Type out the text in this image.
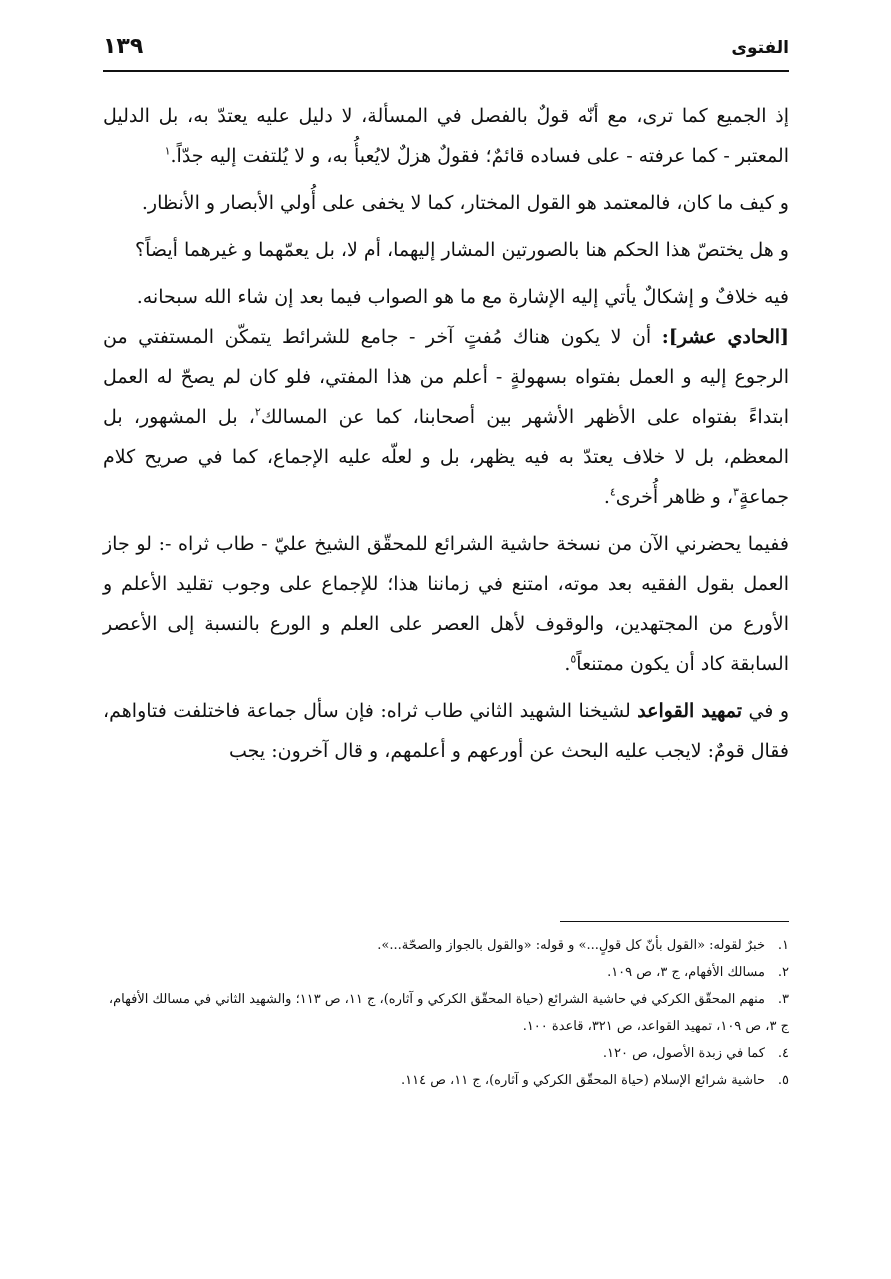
١٣٩	الفتوى

إذ الجميع كما ترى، مع أنّه قولٌ بالفصل في المسألة، لا دليل عليه يعتدّ به، بل الدليل المعتبر - كما عرفته - على فساده قائمٌ؛ فقولٌ هزلٌ لايُعبأُ به، و لا يُلتفت إليه جدّاً.$^١$

و كيف ما كان، فالمعتمد هو القول المختار، كما لا يخفى على أُولي الأبصار و الأنظار.

و هل يختصّ هذا الحكم هنا بالصورتين المشار إليهما، أم لا، بل يعمّهما و غيرهما أيضاً؟

فيه خلافٌ و إشكالٌ يأتي إليه الإشارة مع ما هو الصواب فيما بعد إن شاء الله سبحانه.
[الحادي عشر]: أن لا يكون هناك مُفتٍ آخر - جامع للشرائط يتمكّن المستفتي من الرجوع إليه و العمل بفتواه بسهولةٍ - أعلم من هذا المفتي، فلو كان لم يصحّ له العمل ابتداءً بفتواه على الأظهر الأشهر بين أصحابنا، كما عن المسالك$^٢$، بل المشهور، بل المعظم، بل لا خلاف يعتدّ به فيه يظهر، بل و لعلّه عليه الإجماع، كما في صريح كلام جماعةٍ$^٣$، و ظاهر أُخرى$^٤$.

ففيما يحضرني الآن من نسخة حاشية الشرائع للمحقّق الشيخ عليّ - طاب ثراه -: لو جاز العمل بقول الفقيه بعد موته، امتنع في زماننا هذا؛ للإجماع على وجوب تقليد الأعلم و الأورع من المجتهدين، والوقوف لأهل العصر على العلم و الورع بالنسبة إلى الأعصر السابقة كاد أن يكون ممتنعاً$^٥$.

و في تمهيد القواعد لشيخنا الشهيد الثاني طاب ثراه: فإن سأل جماعة فاختلفت فتاواهم، فقال قومٌ: لايجب عليه البحث عن أورعهم و أعلمهم، و قال آخرون: يجب

١.خبرٌ لقوله: «القول بأنّ كل قولٍ...» و قوله: «والقول بالجواز والصحّة...».

٢.مسالك الأفهام، ج ٣، ص ١٠٩.

٣.منهم المحقّق الكركي في حاشية الشرائع (حياة المحقّق الكركي و آثاره)، ج ١١، ص ١١٣؛ والشهيد الثاني في مسالك الأفهام، ج ٣، ص ١٠٩، تمهيد القواعد، ص ٣٢١، قاعدة ١٠٠.

٤.كما في زبدة الأصول، ص ١٢٠.

٥.حاشية شرائع الإسلام (حياة المحقّق الكركي و آثاره)، ج ١١، ص ١١٤.
